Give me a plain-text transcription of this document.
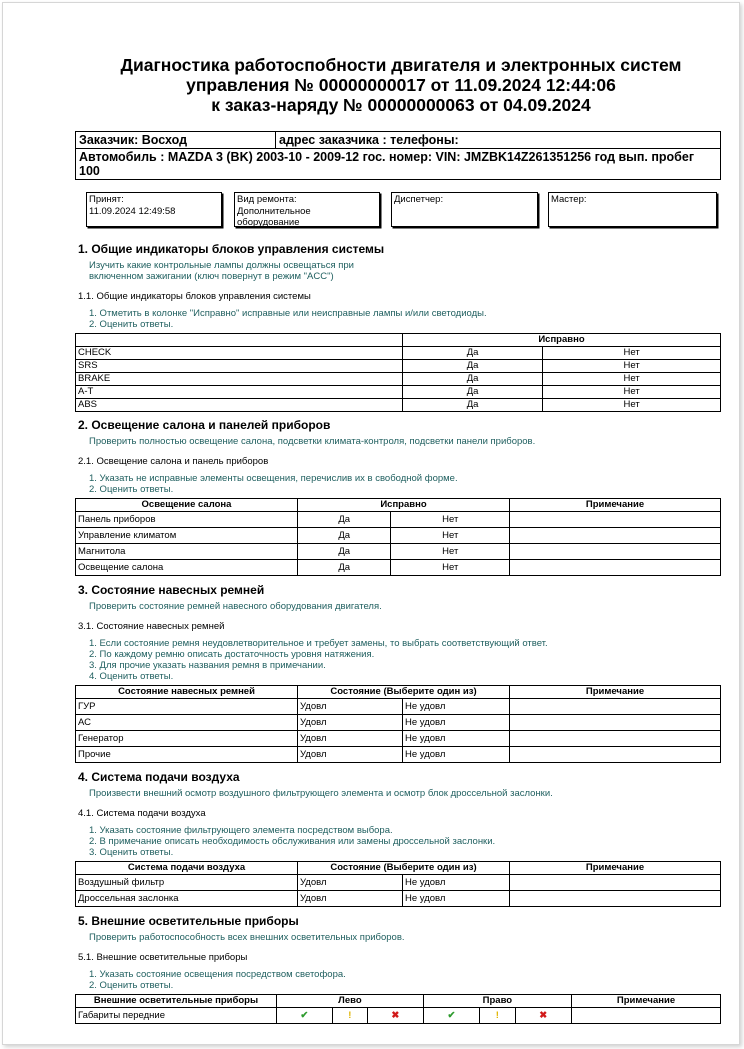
Диагностика работоспобности двигателя и электронных систем
управления № 00000000017 от 11.09.2024 12:44:06
к заказ-наряду № 00000000063 от 04.09.2024
Заказчик: Восход	адрес заказчика : телефоны:
Автомобиль : MAZDA 3 (BK) 2003-10 - 2009-12 гос. номер: VIN: JMZBK14Z261351256 год вып. пробег 100
Принят:
11.09.2024 12:49:58
Вид ремонта:
Дополнительное оборудование
Диспетчер:	Мастер:
1. Общие индикаторы блоков управления системы
Изучить какие контрольные лампы должны освещаться при включенном зажигании (ключ повернут в режим "ACC")
1.1. Общие индикаторы блоков управления системы
1. Отметить в колонке "Исправно" исправные или неисправные лампы и/или светодиоды.
2. Оценить ответы.
	Исправно	
CHECK	Да	Нет
SRS	Да	Нет
BRAKE	Да	Нет
A-T	Да	Нет
ABS	Да	Нет
2. Освещение салона и панелей приборов
Проверить полностью освещение салона, подсветки климата-контроля, подсветки панели приборов.
2.1. Освещение салона и панель приборов
1. Указать не исправные элементы освещения, перечислив их в свободной форме.
2. Оценить ответы.
Освещение салона	Исправно		Примечание
Панель приборов	Да	Нет	
Управление климатом	Да	Нет	
Магнитола	Да	Нет	
Освещение салона	Да	Нет	
3. Состояние навесных ремней
Проверить состояние ремней навесного оборудования двигателя.
3.1. Состояние навесных ремней
1. Если состояние ремня неудовлетворительное и требует замены, то выбрать соответствующий ответ.
2. По каждому ремню описать достаточность уровня натяжения.
3. Для прочие указать названия ремня в примечании.
4. Оценить ответы.
Состояние навесных ремней	Состояние (Выберите один из)		Примечание
ГУР	Удовл	Не удовл	
АС	Удовл	Не удовл	
Генератор	Удовл	Не удовл	
Прочие	Удовл	Не удовл	
4. Система подачи воздуха
Произвести внешний осмотр воздушного фильтрующего элемента и осмотр блок дроссельной заслонки.
4.1. Система подачи воздуха
1. Указать состояние фильтрующего элемента посредством выбора.
2. В примечание описать необходимость обслуживания или замены дроссельной заслонки.
3. Оценить ответы.
Система подачи воздуха	Состояние (Выберите один из)		Примечание
Воздушный фильтр	Удовл	Не удовл	
Дроссельная заслонка	Удовл	Не удовл	
5. Внешние осветительные приборы
Проверить работоспособность всех внешних осветительных приборов.
5.1. Внешние осветительные приборы
1. Указать состояние освещения посредством светофора.
2. Оценить ответы.
Внешние осветительные приборы	Лево			Право			Примечание
Габариты передние	✔	!	✖	✔	!	✖	
